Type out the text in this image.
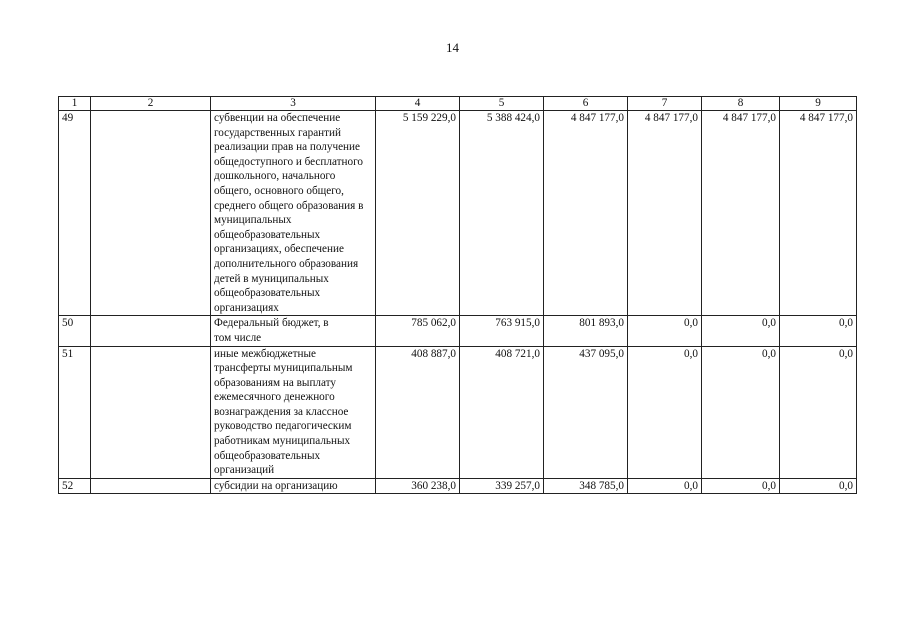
14
1	2	3	4	5	6	7	8	9
49		субвенции на обеспечение государственных гарантий реализации прав на получение общедоступного и бесплатного дошкольного, начального общего, основного общего, среднего общего образования в муниципальных общеобразовательных организациях, обеспечение дополнительного образования детей в муниципальных общеобразовательных организациях	5 159 229,0	5 388 424,0	4 847 177,0	4 847 177,0	4 847 177,0	4 847 177,0
50		Федеральный бюджет, в том числе	785 062,0	763 915,0	801 893,0	0,0	0,0	0,0
51		иные межбюджетные трансферты муниципальным образованиям на выплату ежемесячного денежного вознаграждения за классное руководство педагогическим работникам муниципальных общеобразовательных организаций	408 887,0	408 721,0	437 095,0	0,0	0,0	0,0
52		субсидии на организацию	360 238,0	339 257,0	348 785,0	0,0	0,0	0,0
